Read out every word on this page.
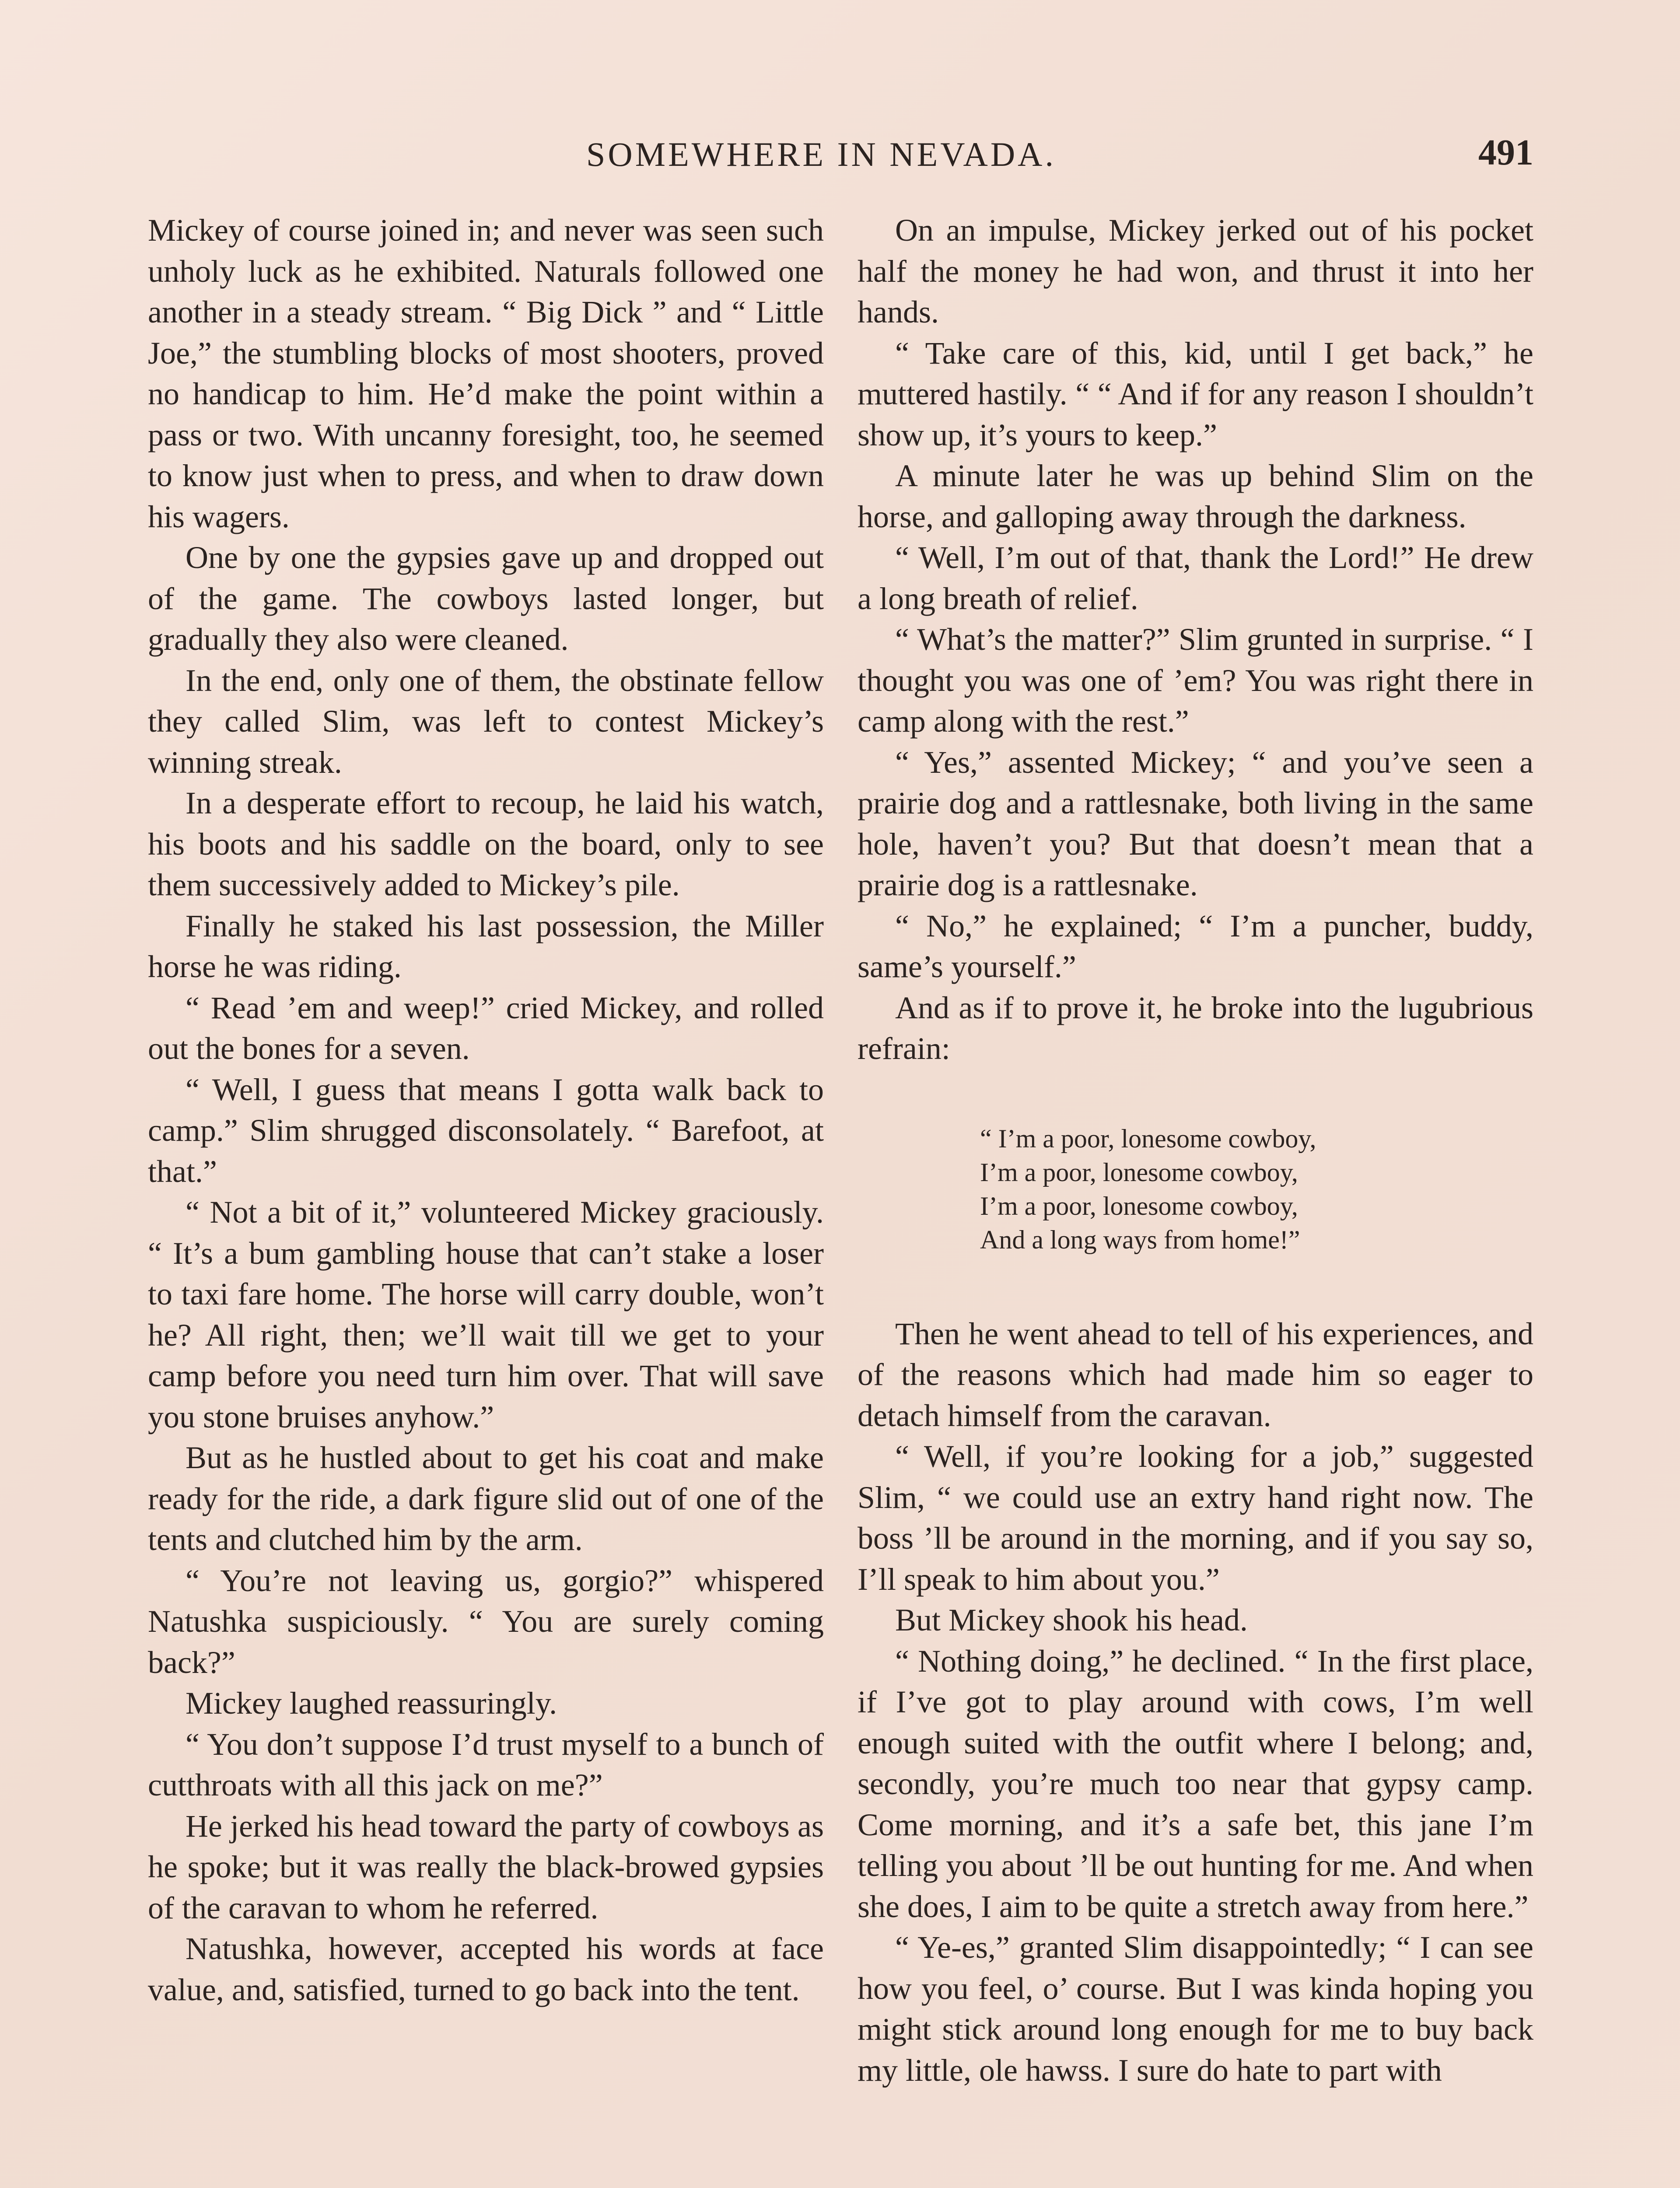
SOMEWHERE IN NEVADA.	491

Mickey of course joined in; and never was seen such unholy luck as he exhibited. Naturals followed one another in a steady stream. “ Big Dick ” and “ Little Joe,” the stumbling blocks of most shooters, proved no handicap to him. He’d make the point within a pass or two. With uncanny foresight, too, he seemed to know just when to press, and when to draw down his wagers.

One by one the gypsies gave up and dropped out of the game. The cowboys lasted longer, but gradually they also were cleaned.

In the end, only one of them, the obstinate fellow they called Slim, was left to contest Mickey’s winning streak.

In a desperate effort to recoup, he laid his watch, his boots and his saddle on the board, only to see them successively added to Mickey’s pile.

Finally he staked his last possession, the Miller horse he was riding.

“ Read ’em and weep!” cried Mickey, and rolled out the bones for a seven.

“ Well, I guess that means I gotta walk back to camp.” Slim shrugged disconsolately. “ Barefoot, at that.”

“ Not a bit of it,” volunteered Mickey graciously. “ It’s a bum gambling house that can’t stake a loser to taxi fare home. The horse will carry double, won’t he? All right, then; we’ll wait till we get to your camp before you need turn him over. That will save you stone bruises anyhow.”

But as he hustled about to get his coat and make ready for the ride, a dark figure slid out of one of the tents and clutched him by the arm.

“ You’re not leaving us, gorgio?” whispered Natushka suspiciously. “ You are surely coming back?”

Mickey laughed reassuringly.

“ You don’t suppose I’d trust myself to a bunch of cutthroats with all this jack on me?”

He jerked his head toward the party of cowboys as he spoke; but it was really the black-browed gypsies of the caravan to whom he referred.

Natushka, however, accepted his words at face value, and, satisfied, turned to go back into the tent.

On an impulse, Mickey jerked out of his pocket half the money he had won, and thrust it into her hands.

“ Take care of this, kid, until I get back,” he muttered hastily. “ “ And if for any reason I shouldn’t show up, it’s yours to keep.”

A minute later he was up behind Slim on the horse, and galloping away through the darkness.

“ Well, I’m out of that, thank the Lord!” He drew a long breath of relief.

“ What’s the matter?” Slim grunted in surprise. “ I thought you was one of ’em? You was right there in camp along with the rest.”

“ Yes,” assented Mickey; “ and you’ve seen a prairie dog and a rattlesnake, both living in the same hole, haven’t you? But that doesn’t mean that a prairie dog is a rattlesnake.

“ No,” he explained; “ I’m a puncher, buddy, same’s yourself.”

And as if to prove it, he broke into the lugubrious refrain:

“ I’m a poor, lonesome cowboy,
I’m a poor, lonesome cowboy,
I’m a poor, lonesome cowboy,
And a long ways from home!”

Then he went ahead to tell of his experiences, and of the reasons which had made him so eager to detach himself from the caravan.

“ Well, if you’re looking for a job,” suggested Slim, “ we could use an extry hand right now. The boss ’ll be around in the morning, and if you say so, I’ll speak to him about you.”

But Mickey shook his head.

“ Nothing doing,” he declined. “ In the first place, if I’ve got to play around with cows, I’m well enough suited with the outfit where I belong; and, secondly, you’re much too near that gypsy camp. Come morning, and it’s a safe bet, this jane I’m telling you about ’ll be out hunting for me. And when she does, I aim to be quite a stretch away from here.”

“ Ye-es,” granted Slim disappointedly; “ I can see how you feel, o’ course. But I was kinda hoping you might stick around long enough for me to buy back my little, ole hawss. I sure do hate to part with
